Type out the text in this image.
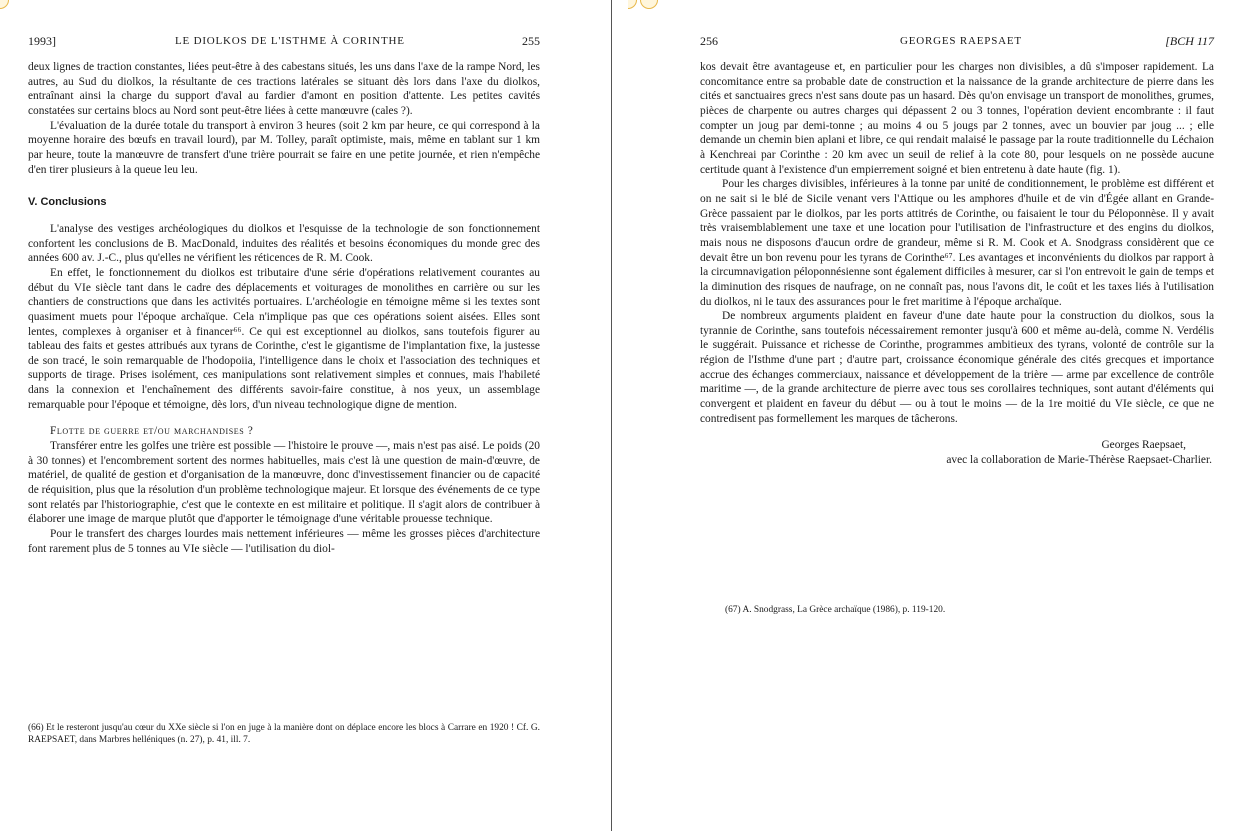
1993]	LE DIOLKOS DE L'ISTHME À CORINTHE	255

deux lignes de traction constantes, liées peut-être à des cabestans situés, les uns dans l'axe de la rampe Nord, les autres, au Sud du diolkos, la résultante de ces tractions latérales se situant dès lors dans l'axe du diolkos, entraînant ainsi la charge du support d'aval au fardier d'amont en position d'attente. Les petites cavités constatées sur certains blocs au Nord sont peut-être liées à cette manœuvre (cales ?).

L'évaluation de la durée totale du transport à environ 3 heures (soit 2 km par heure, ce qui correspond à la moyenne horaire des bœufs en travail lourd), par M. Tolley, paraît optimiste, mais, même en tablant sur 1 km par heure, toute la manœuvre de transfert d'une trière pourrait se faire en une petite journée, et rien n'empêche d'en tirer plusieurs à la queue leu leu.

V. Conclusions

L'analyse des vestiges archéologiques du diolkos et l'esquisse de la technologie de son fonctionnement confortent les conclusions de B. MacDonald, induites des réalités et besoins économiques du monde grec des années 600 av. J.-C., plus qu'elles ne vérifient les réticences de R. M. Cook.

En effet, le fonctionnement du diolkos est tributaire d'une série d'opérations relativement courantes au début du VIe siècle tant dans le cadre des déplacements et voiturages de monolithes en carrière ou sur les chantiers de constructions que dans les activités portuaires. L'archéologie en témoigne même si les textes sont quasiment muets pour l'époque archaïque. Cela n'implique pas que ces opérations soient aisées. Elles sont lentes, complexes à organiser et à financer⁶⁶. Ce qui est exceptionnel au diolkos, sans toutefois figurer au tableau des faits et gestes attribués aux tyrans de Corinthe, c'est le gigantisme de l'implantation fixe, la justesse de son tracé, le soin remarquable de l'hodopoiia, l'intelligence dans le choix et l'association des techniques et supports de tirage. Prises isolément, ces manipulations sont relativement simples et connues, mais l'habileté dans la connexion et l'enchaînement des différents savoir-faire constitue, à nos yeux, un assemblage remarquable pour l'époque et témoigne, dès lors, d'un niveau technologique digne de mention.

Flotte de guerre et/ou marchandises ?

Transférer entre les golfes une trière est possible — l'histoire le prouve —, mais n'est pas aisé. Le poids (20 à 30 tonnes) et l'encombrement sortent des normes habituelles, mais c'est là une question de main-d'œuvre, de matériel, de qualité de gestion et d'organisation de la manœuvre, donc d'investissement financier ou de capacité de réquisition, plus que la résolution d'un problème technologique majeur. Et lorsque des événements de ce type sont relatés par l'historiographie, c'est que le contexte en est militaire et politique. Il s'agit alors de contribuer à élaborer une image de marque plutôt que d'apporter le témoignage d'une véritable prouesse technique.

Pour le transfert des charges lourdes mais nettement inférieures — même les grosses pièces d'architecture font rarement plus de 5 tonnes au VIe siècle — l'utilisation du diol-

(66) Et le resteront jusqu'au cœur du XXe siècle si l'on en juge à la manière dont on déplace encore les blocs à Carrare en 1920 ! Cf. G. RAEPSAET, dans Marbres helléniques (n. 27), p. 41, ill. 7.
256	GEORGES RAEPSAET	[BCH 117

kos devait être avantageuse et, en particulier pour les charges non divisibles, a dû s'imposer rapidement. La concomitance entre sa probable date de construction et la naissance de la grande architecture de pierre dans les cités et sanctuaires grecs n'est sans doute pas un hasard. Dès qu'on envisage un transport de monolithes, grumes, pièces de charpente ou autres charges qui dépassent 2 ou 3 tonnes, l'opération devient encombrante : il faut compter un joug par demi-tonne ; au moins 4 ou 5 jougs par 2 tonnes, avec un bouvier par joug ... ; elle demande un chemin bien aplani et libre, ce qui rendait malaisé le passage par la route traditionnelle du Léchaion à Kenchreai par Corinthe : 20 km avec un seuil de relief à la cote 80, pour lesquels on ne possède aucune certitude quant à l'existence d'un empierrement soigné et bien entretenu à date haute (fig. 1).

Pour les charges divisibles, inférieures à la tonne par unité de conditionnement, le problème est différent et on ne sait si le blé de Sicile venant vers l'Attique ou les amphores d'huile et de vin d'Égée allant en Grande-Grèce passaient par le diolkos, par les ports attitrés de Corinthe, ou faisaient le tour du Péloponnèse. Il y avait très vraisemblablement une taxe et une location pour l'utilisation de l'infrastructure et des engins du diolkos, mais nous ne disposons d'aucun ordre de grandeur, même si R. M. Cook et A. Snodgrass considèrent que ce devait être un bon revenu pour les tyrans de Corinthe⁶⁷. Les avantages et inconvénients du diolkos par rapport à la circumnavigation péloponnésienne sont également difficiles à mesurer, car si l'on entrevoit le gain de temps et la diminution des risques de naufrage, on ne connaît pas, nous l'avons dit, le coût et les taxes liés à l'utilisation du diolkos, ni le taux des assurances pour le fret maritime à l'époque archaïque.

De nombreux arguments plaident en faveur d'une date haute pour la construction du diolkos, sous la tyrannie de Corinthe, sans toutefois nécessairement remonter jusqu'à 600 et même au-delà, comme N. Verdélis le suggérait. Puissance et richesse de Corinthe, programmes ambitieux des tyrans, volonté de contrôle sur la région de l'Isthme d'une part ; d'autre part, croissance économique générale des cités grecques et importance accrue des échanges commerciaux, naissance et développement de la trière — arme par excellence de contrôle maritime —, de la grande architecture de pierre avec tous ses corollaires techniques, sont autant d'éléments qui convergent et plaident en faveur du début — ou à tout le moins — de la 1re moitié du VIe siècle, ce que ne contredisent pas formellement les marques de tâcherons.

Georges Raepsaet,

avec la collaboration de Marie-Thérèse Raepsaet-Charlier.

(67) A. Snodgrass, La Grèce archaïque (1986), p. 119-120.
